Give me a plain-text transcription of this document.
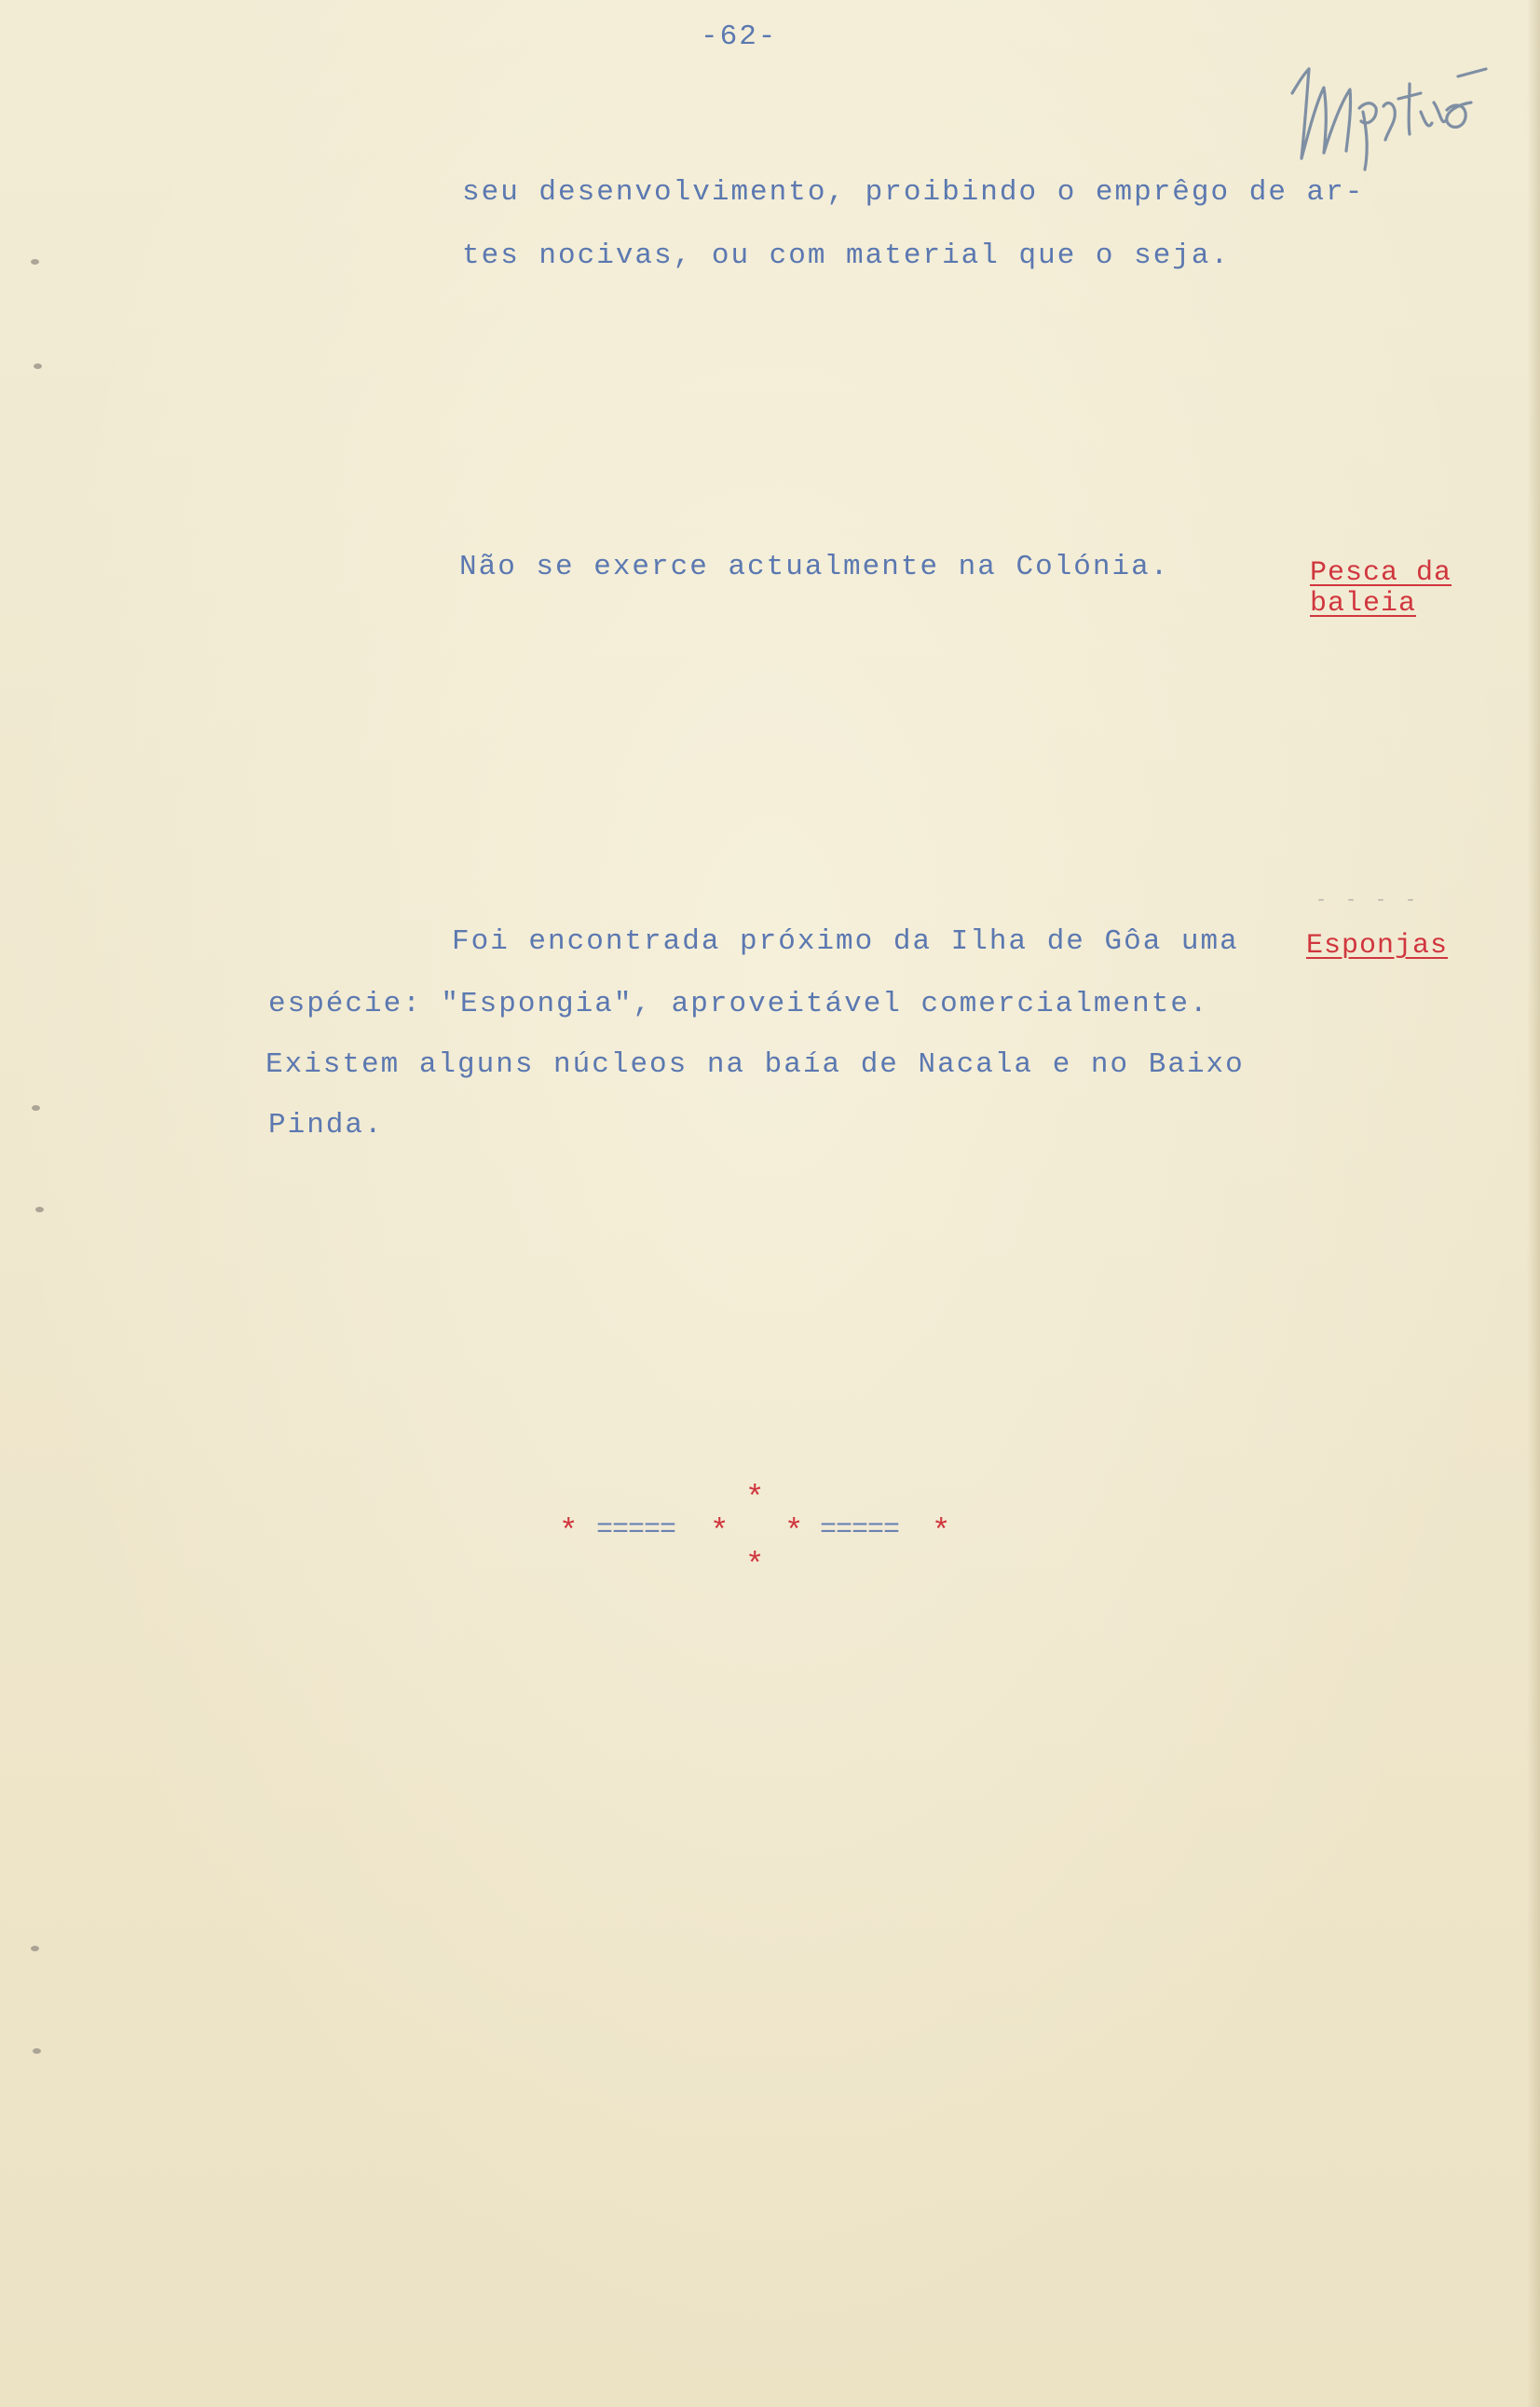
-62-
seu desenvolvimento, proibindo o emprêgo de ar-
tes nocivas, ou com material que o seja.
Não se exerce actualmente na Colónia.	Pesca da
baleia
- - - -
Foi encontrada próximo da Ilha de Gôa uma
espécie: "Espongia", aproveitável comercialmente.
Existem alguns núcleos na baía de Nacala e no Baixo
Pinda.
Esponjas
* ===== *
*
*
* ===== *
